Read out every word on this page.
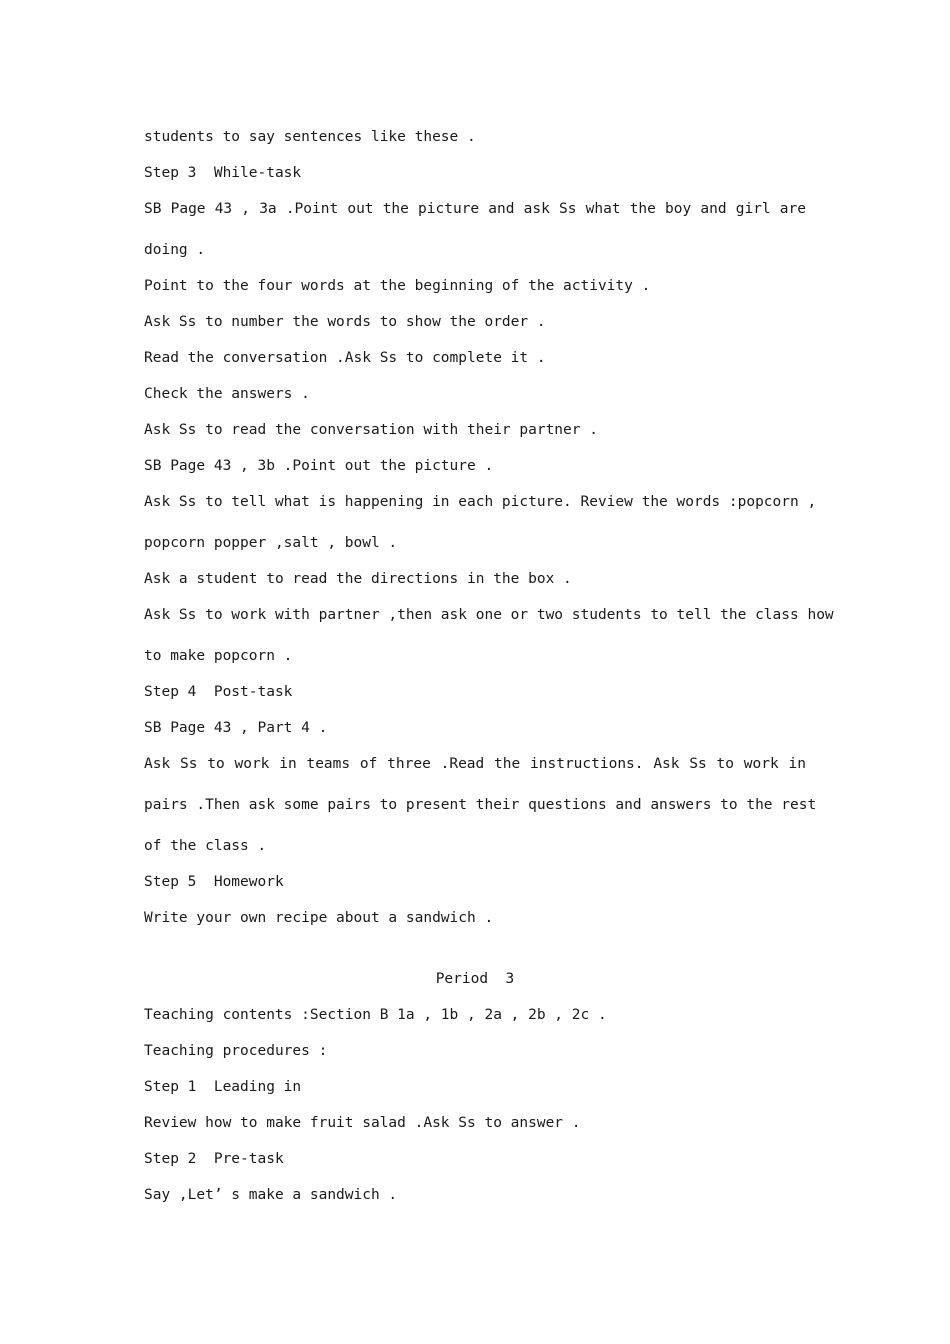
students to say sentences like these .

Step 3  While-task

SB Page 43 , 3a .Point out the picture and ask Ss what the boy and girl are

doing .

Point to the four words at the beginning of the activity .

Ask Ss to number the words to show the order .

Read the conversation .Ask Ss to complete it .

Check the answers .

Ask Ss to read the conversation with their partner .

SB Page 43 , 3b .Point out the picture .

Ask Ss to tell what is happening in each picture. Review the words :popcorn ,

popcorn popper ,salt , bowl .

Ask a student to read the directions in the box .

Ask Ss to work with partner ,then ask one or two students to tell the class how

to make popcorn .

Step 4  Post-task

SB Page 43 , Part 4 .

Ask Ss to work in teams of three .Read the instructions. Ask Ss to work in

pairs .Then ask some pairs to present their questions and answers to the rest

of the class .

Step 5  Homework

Write your own recipe about a sandwich .

Period  3

Teaching contents :Section B 1a , 1b , 2a , 2b , 2c .

Teaching procedures :

Step 1  Leading in

Review how to make fruit salad .Ask Ss to answer .

Step 2  Pre-task

Say ,Let’ s make a sandwich .
